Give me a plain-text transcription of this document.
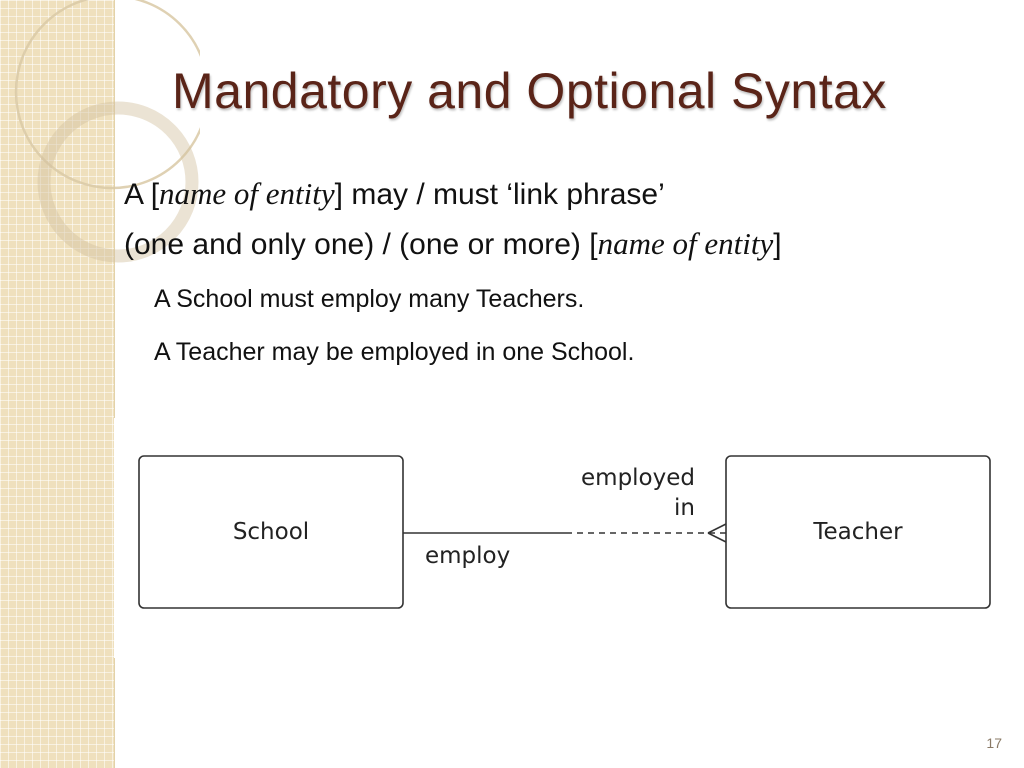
Mandatory and Optional Syntax
A [name of entity] may / must ‘link phrase’
(one and only one) / (one or more) [name of entity]
A School must employ many Teachers.
A Teacher may be employed in one School.
School	Teacher
employ
employed
in
17
